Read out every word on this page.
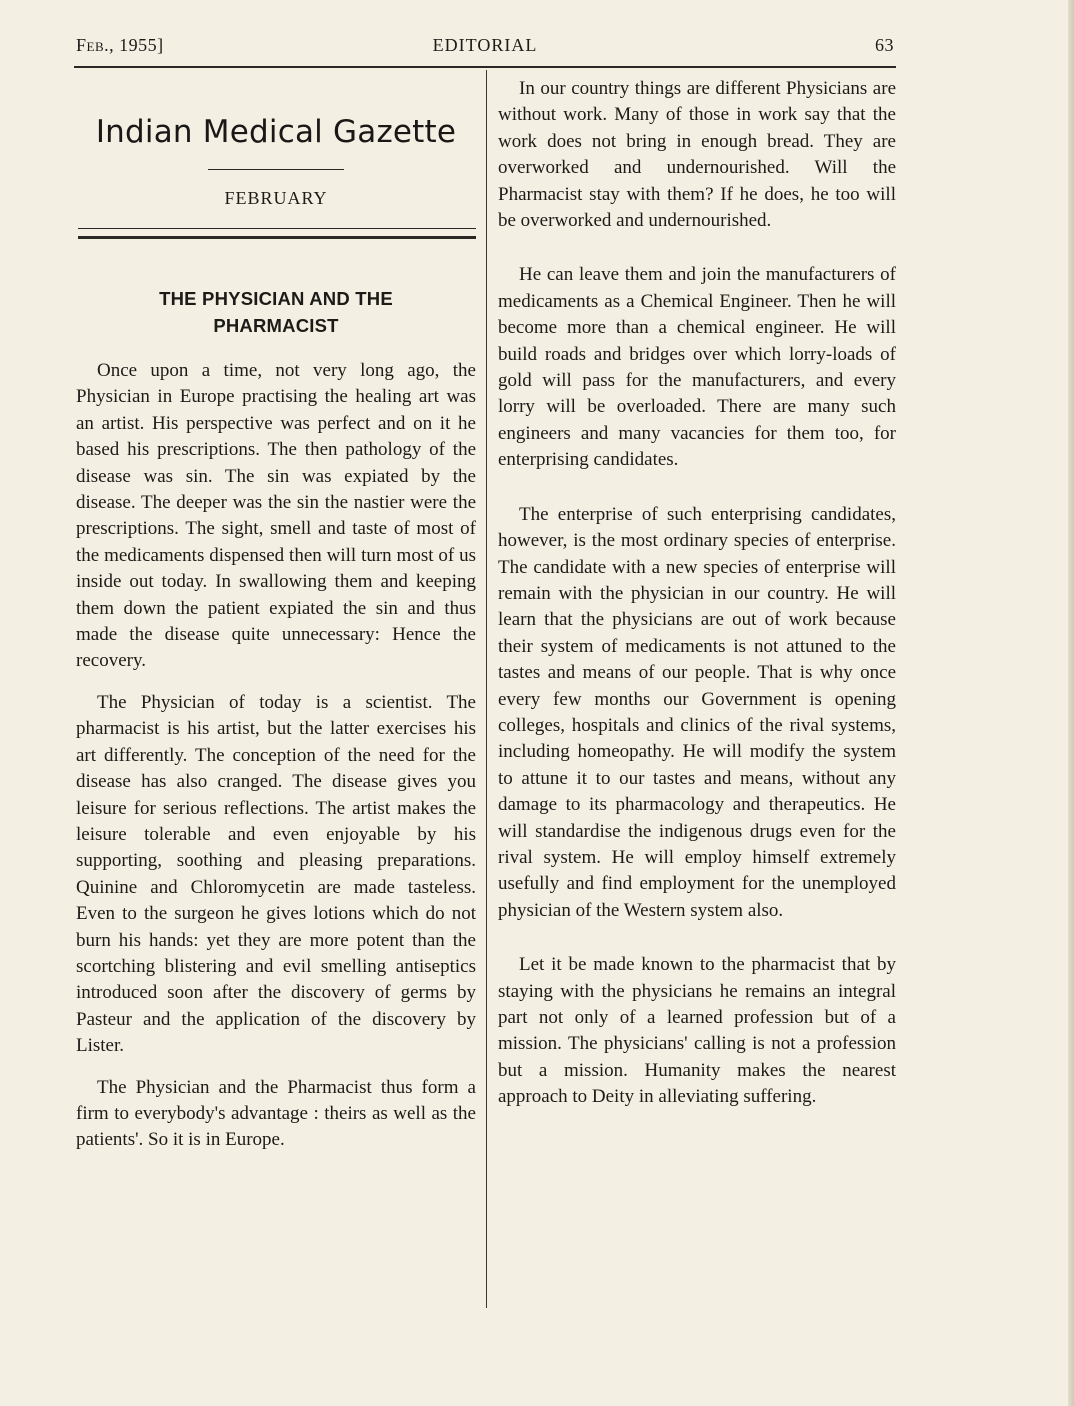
Feb., 1955]	EDITORIAL	63
Indian Medical Gazette
FEBRUARY
THE PHYSICIAN AND THE
PHARMACIST

Once upon a time, not very long ago, the Physician in Europe practising the healing art was an artist. His perspective was perfect and on it he based his prescriptions. The then pathology of the disease was sin. The sin was expiated by the disease. The deeper was the sin the nastier were the prescriptions. The sight, smell and taste of most of the medicaments dispensed then will turn most of us inside out today. In swallowing them and keeping them down the patient expiated the sin and thus made the disease quite unnecessary: Hence the recovery.

The Physician of today is a scientist. The pharmacist is his artist, but the latter exercises his art differently. The conception of the need for the disease has also cranged. The disease gives you leisure for serious reflections. The artist makes the leisure tolerable and even enjoyable by his supporting, soothing and pleasing preparations. Quinine and Chloromycetin are made tasteless. Even to the surgeon he gives lotions which do not burn his hands: yet they are more potent than the scortching blistering and evil smelling antiseptics introduced soon after the discovery of germs by Pasteur and the application of the discovery by Lister.

The Physician and the Pharmacist thus form a firm to everybody's advantage : theirs as well as the patients'. So it is in Europe.

In our country things are different Physicians are without work. Many of those in work say that the work does not bring in enough bread. They are overworked and undernourished. Will the Pharmacist stay with them? If he does, he too will be overworked and undernourished.

He can leave them and join the manufacturers of medicaments as a Chemical Engineer. Then he will become more than a chemical engineer. He will build roads and bridges over which lorry-loads of gold will pass for the manufacturers, and every lorry will be overloaded. There are many such engineers and many vacancies for them too, for enterprising candidates.

The enterprise of such enterprising candidates, however, is the most ordinary species of enterprise. The candidate with a new species of enterprise will remain with the physician in our country. He will learn that the physicians are out of work because their system of medicaments is not attuned to the tastes and means of our people. That is why once every few months our Government is opening colleges, hospitals and clinics of the rival systems, including homeopathy. He will modify the system to attune it to our tastes and means, without any damage to its pharmacology and therapeutics. He will standardise the indigenous drugs even for the rival system. He will employ himself extremely usefully and find employment for the unemployed physician of the Western system also.

Let it be made known to the pharmacist that by staying with the physicians he remains an integral part not only of a learned profession but of a mission. The physicians' calling is not a profession but a mission. Humanity makes the nearest approach to Deity in alleviating suffering.
